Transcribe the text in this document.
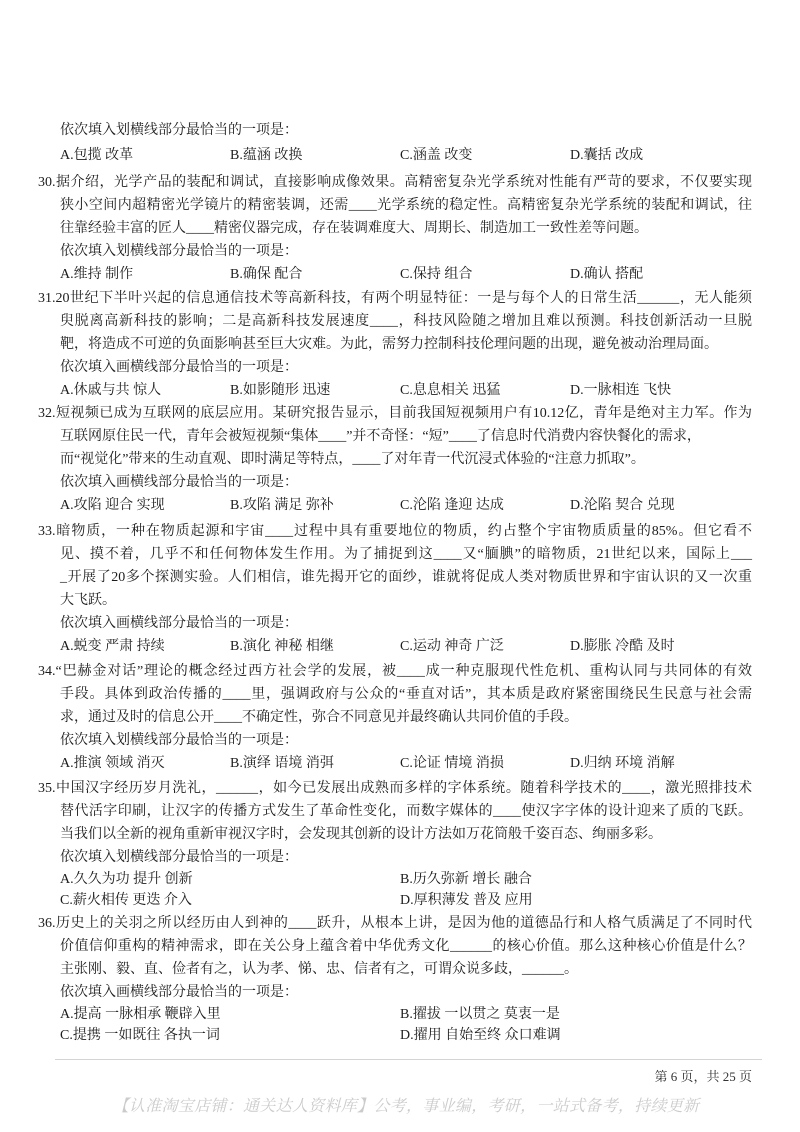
依次填入划横线部分最恰当的一项是：
A.包揽 改革	B.蕴涵 改换	C.涵盖 改变	D.囊括 改成
30.据介绍，光学产品的装配和调试，直接影响成像效果。高精密复杂光学系统对性能有严苛的要求，不仅要实现
狭小空间内超精密光学镜片的精密装调，还需____光学系统的稳定性。高精密复杂光学系统的装配和调试，往
往靠经验丰富的匠人____精密仪器完成，存在装调难度大、周期长、制造加工一致性差等问题。
依次填入划横线部分最恰当的一项是：
A.维持 制作	B.确保 配合	C.保持 组合	D.确认 搭配
31.20世纪下半叶兴起的信息通信技术等高新科技，有两个明显特征：一是与每个人的日常生活______，无人能须
臾脱离高新科技的影响；二是高新科技发展速度____，科技风险随之增加且难以预测。科技创新活动一旦脱
靶，将造成不可逆的负面影响甚至巨大灾难。为此，需努力控制科技伦理问题的出现，避免被动治理局面。
依次填入画横线部分最恰当的一项是：
A.休戚与共 惊人	B.如影随形 迅速	C.息息相关 迅猛	D.一脉相连 飞快
32.短视频已成为互联网的底层应用。某研究报告显示，目前我国短视频用户有10.12亿，青年是绝对主力军。作为
互联网原住民一代，青年会被短视频“集体____”并不奇怪：“短”____了信息时代消费内容快餐化的需求，
而“视觉化”带来的生动直观、即时满足等特点，____了对年青一代沉浸式体验的“注意力抓取”。
依次填入画横线部分最恰当的一项是：
A.攻陷 迎合 实现	B.攻陷 满足 弥补	C.沦陷 逢迎 达成	D.沦陷 契合 兑现
33.暗物质，一种在物质起源和宇宙____过程中具有重要地位的物质，约占整个宇宙物质质量的85%。但它看不
见、摸不着，几乎不和任何物体发生作用。为了捕捉到这____又“腼腆”的暗物质，21世纪以来，国际上___
_开展了20多个探测实验。人们相信，谁先揭开它的面纱，谁就将促成人类对物质世界和宇宙认识的又一次重
大飞跃。
依次填入画横线部分最恰当的一项是：
A.蜕变 严肃 持续	B.演化 神秘 相继	C.运动 神奇 广泛	D.膨胀 冷酷 及时
34.“巴赫金对话”理论的概念经过西方社会学的发展，被____成一种克服现代性危机、重构认同与共同体的有效
手段。具体到政治传播的____里，强调政府与公众的“垂直对话”，其本质是政府紧密围绕民生民意与社会需
求，通过及时的信息公开____不确定性，弥合不同意见并最终确认共同价值的手段。
依次填入划横线部分最恰当的一项是：
A.推演 领域 消灭	B.演绎 语境 消弭	C.论证 情境 消损	D.归纳 环境 消解
35.中国汉字经历岁月洗礼，______，如今已发展出成熟而多样的字体系统。随着科学技术的____，激光照排技术
替代活字印刷，让汉字的传播方式发生了革命性变化，而数字媒体的____使汉字字体的设计迎来了质的飞跃。
当我们以全新的视角重新审视汉字时，会发现其创新的设计方法如万花筒般千姿百态、绚丽多彩。
依次填入划横线部分最恰当的一项是：
A.久久为功 提升 创新	B.历久弥新 增长 融合
C.薪火相传 更迭 介入	D.厚积薄发 普及 应用
36.历史上的关羽之所以经历由人到神的____跃升，从根本上讲，是因为他的道德品行和人格气质满足了不同时代
价值信仰重构的精神需求，即在关公身上蕴含着中华优秀文化______的核心价值。那么这种核心价值是什么？
主张刚、毅、直、俭者有之，认为孝、悌、忠、信者有之，可谓众说多歧，______。
依次填入画横线部分最恰当的一项是：
A.提高 一脉相承 鞭辟入里	B.擢拔 一以贯之 莫衷一是
C.提携 一如既往 各执一词	D.擢用 自始至终 众口难调
第 6 页，共 25 页
【认准淘宝店铺：通关达人资料库】公考，事业编，考研，一站式备考，持续更新
